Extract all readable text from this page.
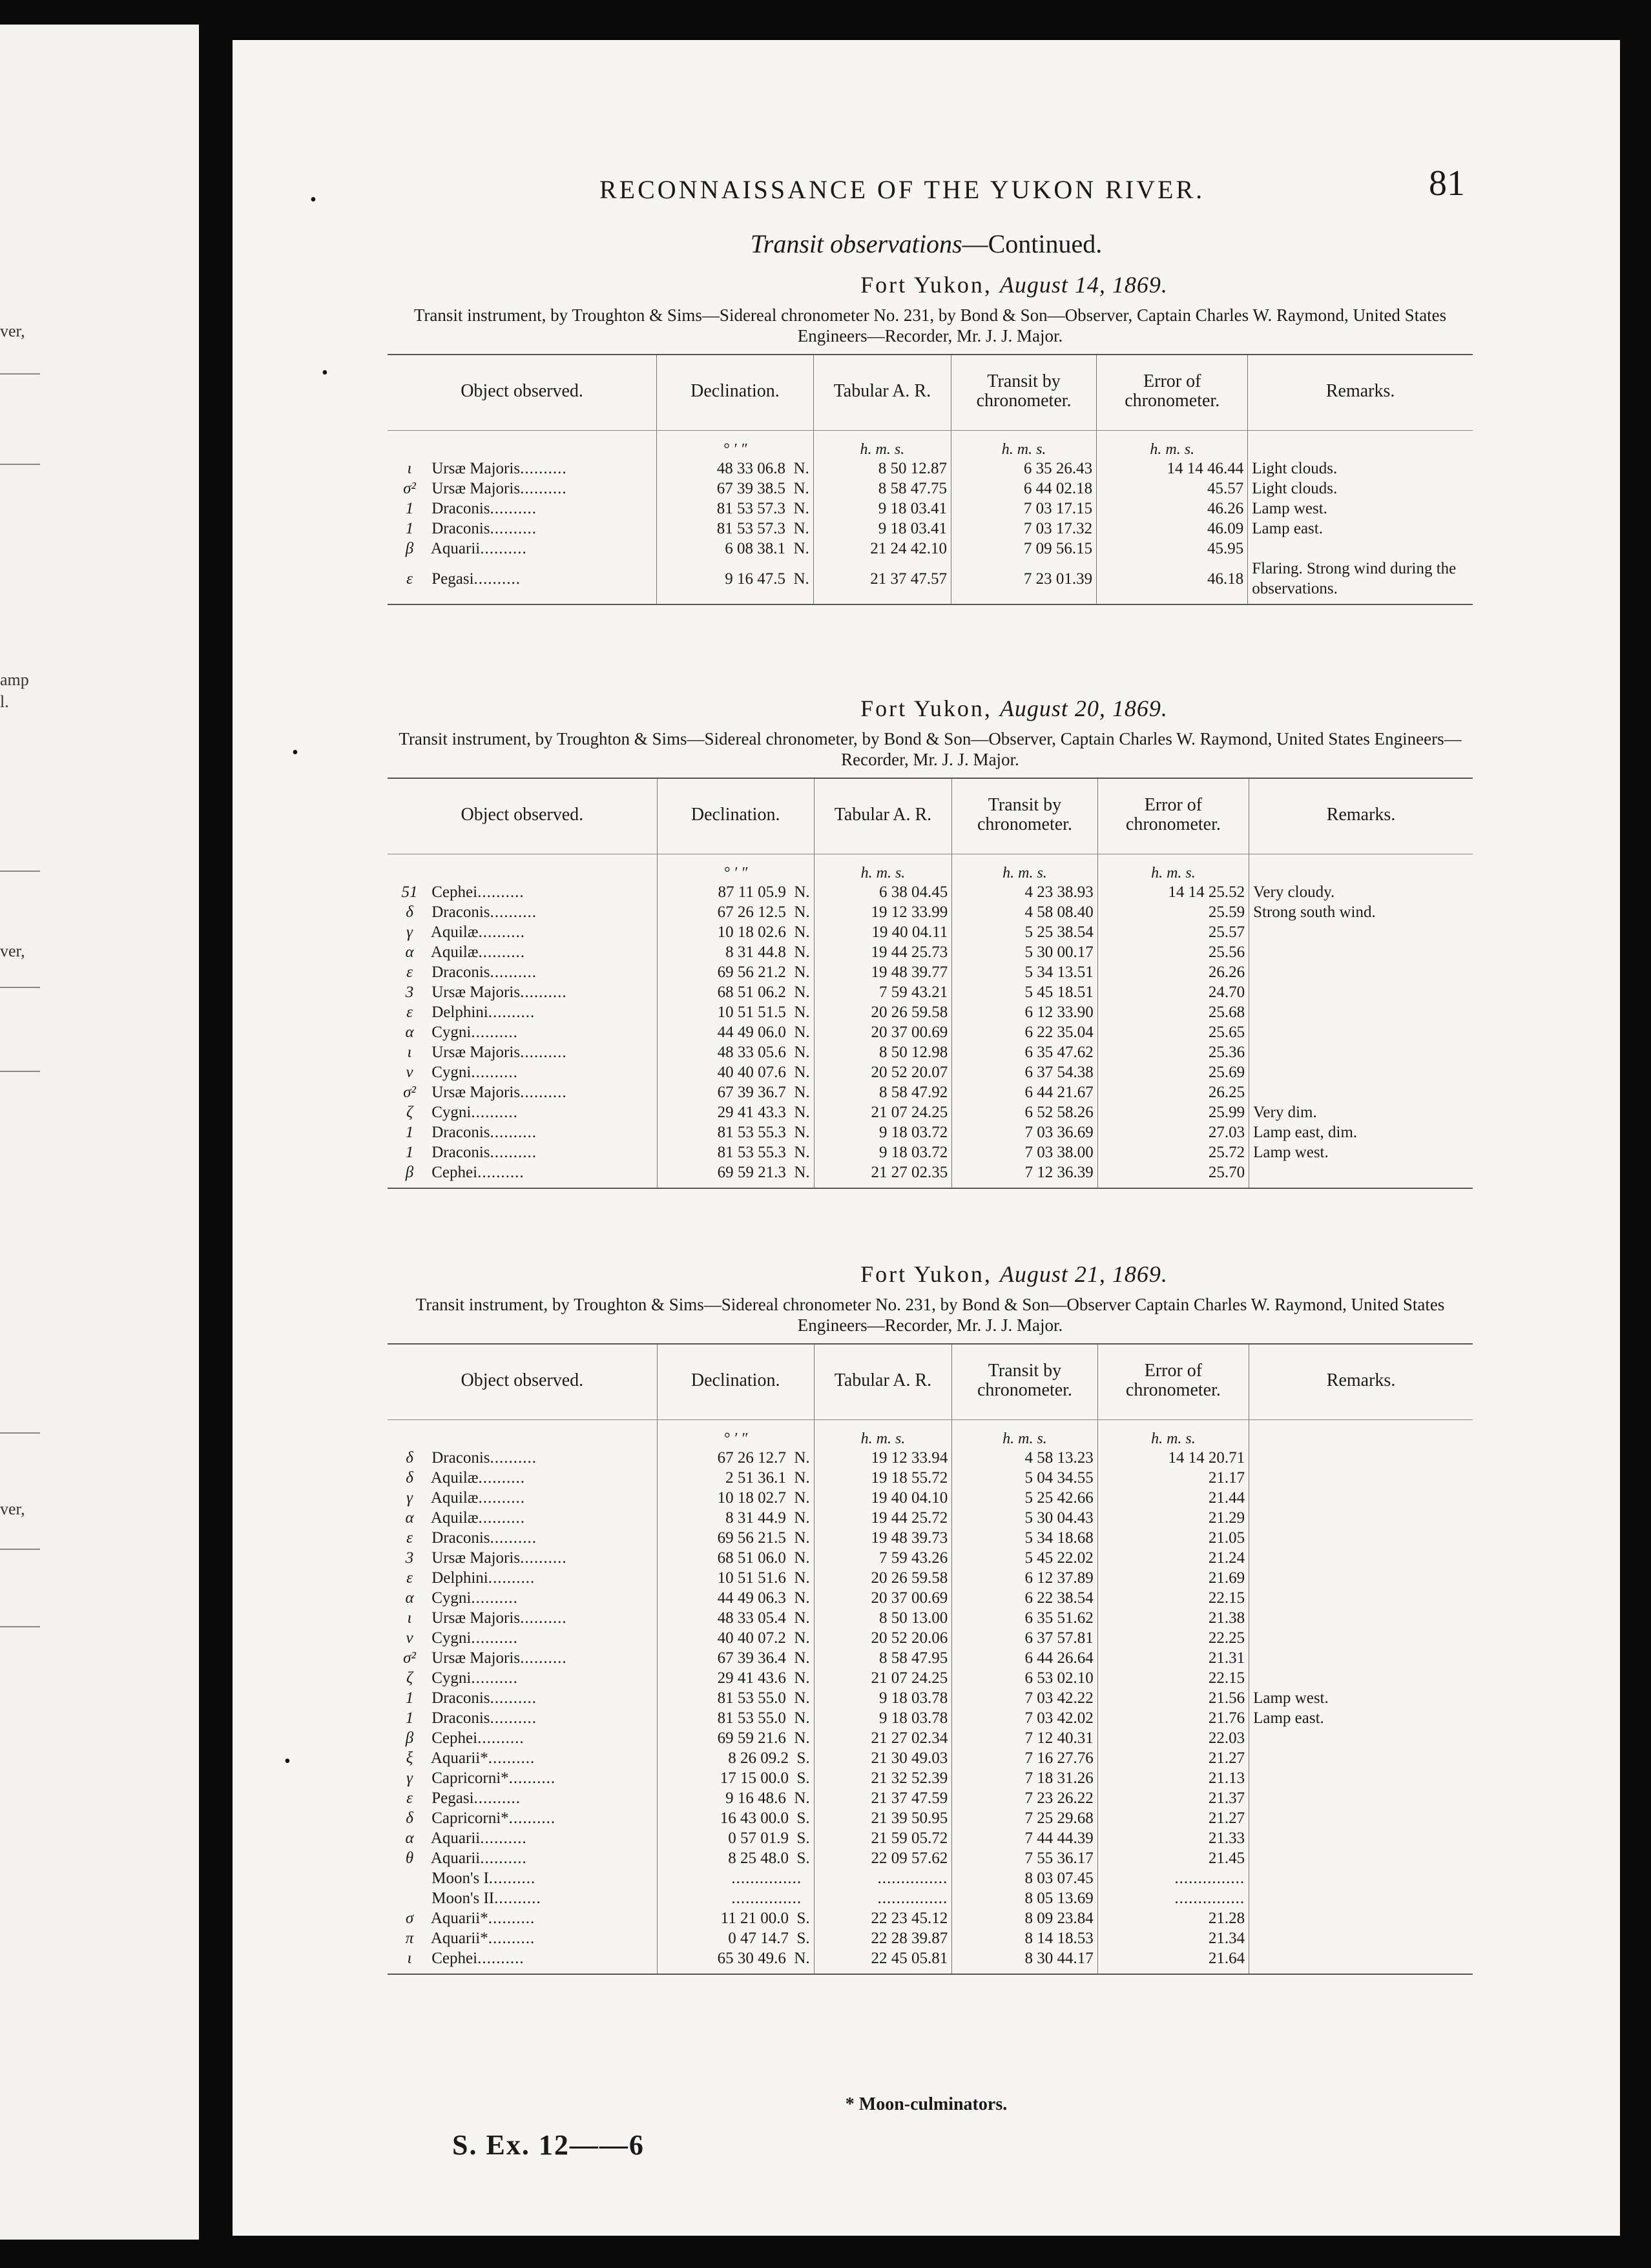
ver,
amp
l.
ver,
ver,
•
•
•
•
RECONNAISSANCE OF THE YUKON RIVER.	81
Transit observations—Continued.
Fort Yukon, August 14, 1869.
Transit instrument, by Troughton & Sims—Sidereal chronometer No. 231, by Bond & Son—Observer, Captain Charles W. Raymond, United States Engineers—Recorder, Mr. J. J. Major.
Object observed.	Declination.	Tabular A. R.	Transit by chronometer.	Error of chronometer.	Remarks.
	° ′ ″	h. m. s.	h. m. s.	h. m. s.	
ι Ursæ Majoris..........	48 33 06.8 N.	8 50 12.87	6 35 26.43	14 14 46.44	Light clouds.
σ² Ursæ Majoris..........	67 39 38.5 N.	8 58 47.75	6 44 02.18	45.57	Light clouds.
1 Draconis..........	81 53 57.3 N.	9 18 03.41	7 03 17.15	46.26	Lamp west.
1 Draconis..........	81 53 57.3 N.	9 18 03.41	7 03 17.32	46.09	Lamp east.
β Aquarii..........	6 08 38.1 N.	21 24 42.10	7 09 56.15	45.95	
ε Pegasi..........	9 16 47.5 N.	21 37 47.57	7 23 01.39	46.18	Flaring. Strong wind during the observations.
Fort Yukon, August 20, 1869.
Transit instrument, by Troughton & Sims—Sidereal chronometer, by Bond & Son—Observer, Captain Charles W. Raymond, United States Engineers—Recorder, Mr. J. J. Major.
Object observed.	Declination.	Tabular A. R.	Transit by chronometer.	Error of chronometer.	Remarks.
	° ′ ″	h. m. s.	h. m. s.	h. m. s.	
51 Cephei..........	87 11 05.9 N.	6 38 04.45	4 23 38.93	14 14 25.52	Very cloudy.
δ Draconis..........	67 26 12.5 N.	19 12 33.99	4 58 08.40	25.59	Strong south wind.
γ Aquilæ..........	10 18 02.6 N.	19 40 04.11	5 25 38.54	25.57	
α Aquilæ..........	8 31 44.8 N.	19 44 25.73	5 30 00.17	25.56	
ε Draconis..........	69 56 21.2 N.	19 48 39.77	5 34 13.51	26.26	
3 Ursæ Majoris..........	68 51 06.2 N.	7 59 43.21	5 45 18.51	24.70	
ε Delphini..........	10 51 51.5 N.	20 26 59.58	6 12 33.90	25.68	
α Cygni..........	44 49 06.0 N.	20 37 00.69	6 22 35.04	25.65	
ι Ursæ Majoris..........	48 33 05.6 N.	8 50 12.98	6 35 47.62	25.36	
ν Cygni..........	40 40 07.6 N.	20 52 20.07	6 37 54.38	25.69	
σ² Ursæ Majoris..........	67 39 36.7 N.	8 58 47.92	6 44 21.67	26.25	
ζ Cygni..........	29 41 43.3 N.	21 07 24.25	6 52 58.26	25.99	Very dim.
1 Draconis..........	81 53 55.3 N.	9 18 03.72	7 03 36.69	27.03	Lamp east, dim.
1 Draconis..........	81 53 55.3 N.	9 18 03.72	7 03 38.00	25.72	Lamp west.
β Cephei..........	69 59 21.3 N.	21 27 02.35	7 12 36.39	25.70	
Fort Yukon, August 21, 1869.
Transit instrument, by Troughton & Sims—Sidereal chronometer No. 231, by Bond & Son—Observer Captain Charles W. Raymond, United States Engineers—Recorder, Mr. J. J. Major.
Object observed.	Declination.	Tabular A. R.	Transit by chronometer.	Error of chronometer.	Remarks.
	° ′ ″	h. m. s.	h. m. s.	h. m. s.	
δ Draconis..........	67 26 12.7 N.	19 12 33.94	4 58 13.23	14 14 20.71	
δ Aquilæ..........	2 51 36.1 N.	19 18 55.72	5 04 34.55	21.17	
γ Aquilæ..........	10 18 02.7 N.	19 40 04.10	5 25 42.66	21.44	
α Aquilæ..........	8 31 44.9 N.	19 44 25.72	5 30 04.43	21.29	
ε Draconis..........	69 56 21.5 N.	19 48 39.73	5 34 18.68	21.05	
3 Ursæ Majoris..........	68 51 06.0 N.	7 59 43.26	5 45 22.02	21.24	
ε Delphini..........	10 51 51.6 N.	20 26 59.58	6 12 37.89	21.69	
α Cygni..........	44 49 06.3 N.	20 37 00.69	6 22 38.54	22.15	
ι Ursæ Majoris..........	48 33 05.4 N.	8 50 13.00	6 35 51.62	21.38	
ν Cygni..........	40 40 07.2 N.	20 52 20.06	6 37 57.81	22.25	
σ² Ursæ Majoris..........	67 39 36.4 N.	8 58 47.95	6 44 26.64	21.31	
ζ Cygni..........	29 41 43.6 N.	21 07 24.25	6 53 02.10	22.15	
1 Draconis..........	81 53 55.0 N.	9 18 03.78	7 03 42.22	21.56	Lamp west.
1 Draconis..........	81 53 55.0 N.	9 18 03.78	7 03 42.02	21.76	Lamp east.
β Cephei..........	69 59 21.6 N.	21 27 02.34	7 12 40.31	22.03	
ξ Aquarii*..........	8 26 09.2 S.	21 30 49.03	7 16 27.76	21.27	
γ Capricorni*..........	17 15 00.0 S.	21 32 52.39	7 18 31.26	21.13	
ε Pegasi..........	9 16 48.6 N.	21 37 47.59	7 23 26.22	21.37	
δ Capricorni*..........	16 43 00.0 S.	21 39 50.95	7 25 29.68	21.27	
α Aquarii..........	0 57 01.9 S.	21 59 05.72	7 44 44.39	21.33	
θ Aquarii..........	8 25 48.0 S.	22 09 57.62	7 55 36.17	21.45	
Moon's I..........	...............	...............	8 03 07.45	...............	
Moon's II..........	...............	...............	8 05 13.69	...............	
σ Aquarii*..........	11 21 00.0 S.	22 23 45.12	8 09 23.84	21.28	
π Aquarii*..........	0 47 14.7 S.	22 28 39.87	8 14 18.53	21.34	
ι Cephei..........	65 30 49.6 N.	22 45 05.81	8 30 44.17	21.64	
* Moon-culminators.
S. Ex. 12——6
